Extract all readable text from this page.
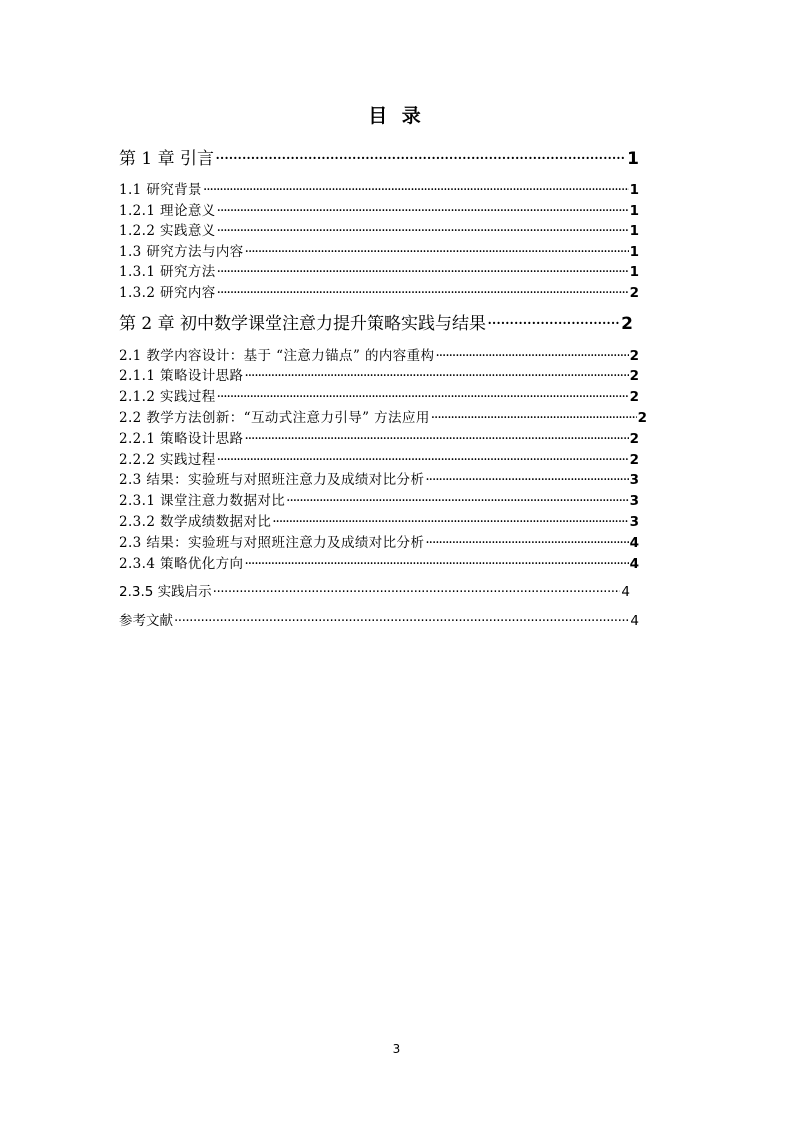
目 录
第 1 章 引言 ·····	1
1.1 研究背景 ·····	1
1.2.1 理论意义 ·····	1
1.2.2 实践意义 ·····	1
1.3 研究方法与内容 ·····	1
1.3.1 研究方法 ·····	1
1.3.2 研究内容 ·····	2
第 2 章 初中数学课堂注意力提升策略实践与结果 ·····	2
2.1 教学内容设计：基于 “注意力锚点” 的内容重构 ·····	2
2.1.1 策略设计思路 ·····	2
2.1.2 实践过程 ·····	2
2.2 教学方法创新：“互动式注意力引导” 方法应用 ·····	2
2.2.1 策略设计思路 ·····	2
2.2.2 实践过程 ·····	2
2.3 结果：实验班与对照班注意力及成绩对比分析 ·····	3
2.3.1 课堂注意力数据对比 ·····	3
2.3.2 数学成绩数据对比 ·····	3
2.3 结果：实验班与对照班注意力及成绩对比分析 ·····	4
2.3.4 策略优化方向 ·····	4
2.3.5 实践启示 ·····	4
参考文献 ·····	4
3
